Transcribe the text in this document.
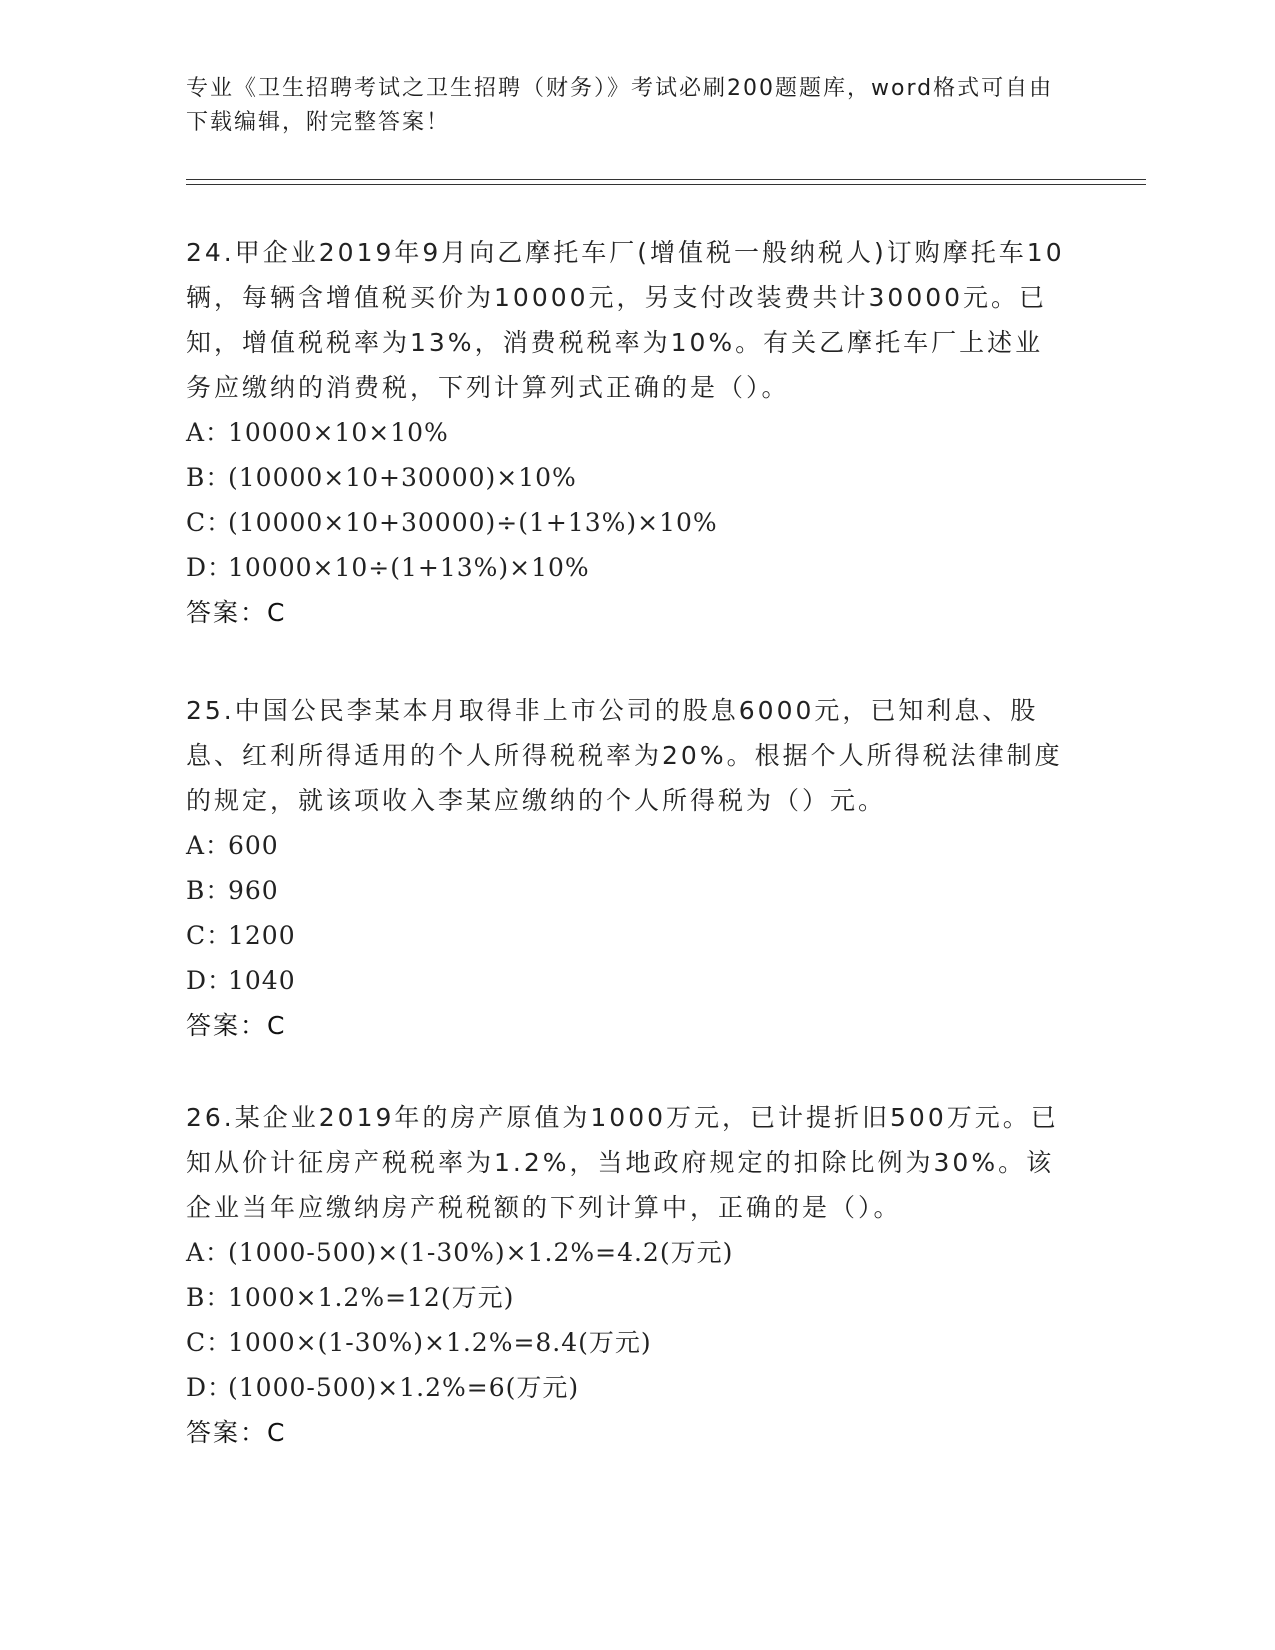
专业《卫生招聘考试之卫生招聘（财务）》考试必刷200题题库，word格式可自由下载编辑，附完整答案！

24.甲企业2019年9月向乙摩托车厂(增值税一般纳税人)订购摩托车10辆，每辆含增值税买价为10000元，另支付改装费共计30000元。已知，增值税税率为13%，消费税税率为10%。有关乙摩托车厂上述业务应缴纳的消费税，下列计算列式正确的是（）。

A：
10000×10×10%
B：
(10000×10+30000)×10%
C：
(10000×10+30000)÷(1+13%)×10%
D：
10000×10÷(1+13%)×10%
答案：C

25.中国公民李某本月取得非上市公司的股息6000元，已知利息、股息、红利所得适用的个人所得税税率为20%。根据个人所得税法律制度的规定，就该项收入李某应缴纳的个人所得税为（）元。

A：
600
B：
960
C：
1200
D：
1040
答案：C

26.某企业2019年的房产原值为1000万元，已计提折旧500万元。已知从价计征房产税税率为1.2%，当地政府规定的扣除比例为30%。该企业当年应缴纳房产税税额的下列计算中，正确的是（）。

A：
(1000-500)×(1-30%)×1.2%=4.2(万元)
B：
1000×1.2%=12(万元)
C：
1000×(1-30%)×1.2%=8.4(万元)
D：
(1000-500)×1.2%=6(万元)
答案：C
